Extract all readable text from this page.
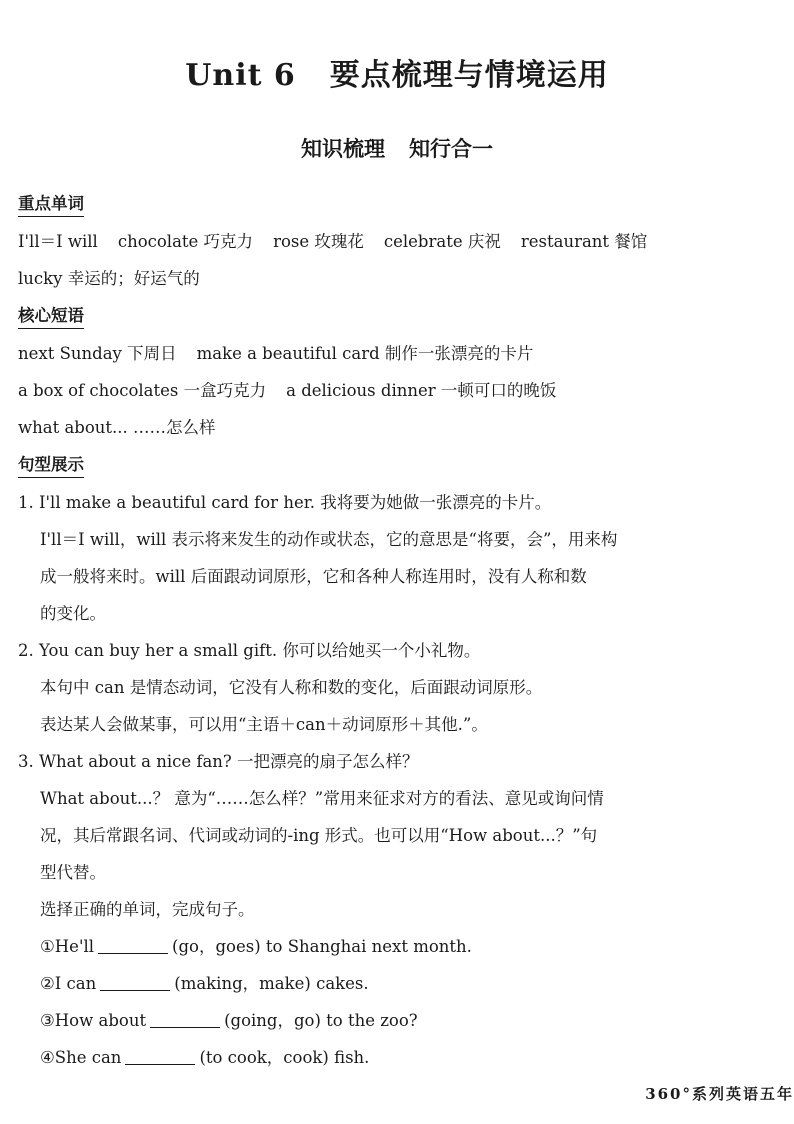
Unit 6 要点梳理与情境运用
知识梳理 知行合一
重点单词
I'll＝I will chocolate 巧克力 rose 玫瑰花 celebrate 庆祝 restaurant 餐馆
lucky 幸运的；好运气的
核心短语
next Sunday 下周日 make a beautiful card 制作一张漂亮的卡片
a box of chocolates 一盒巧克力 a delicious dinner 一顿可口的晚饭
what about... ……怎么样
句型展示
1. I'll make a beautiful card for her. 我将要为她做一张漂亮的卡片。
I'll＝I will，will 表示将来发生的动作或状态，它的意思是“将要，会”，用来构
成一般将来时。will 后面跟动词原形，它和各种人称连用时，没有人称和数
的变化。
2. You can buy her a small gift. 你可以给她买一个小礼物。
本句中 can 是情态动词，它没有人称和数的变化，后面跟动词原形。
表达某人会做某事，可以用“主语＋can＋动词原形＋其他.”。
3. What about a nice fan? 一把漂亮的扇子怎么样？
What about...？ 意为“……怎么样？”常用来征求对方的看法、意见或询问情
况，其后常跟名词、代词或动词的-ing 形式。也可以用“How about...？”句
型代替。
选择正确的单词，完成句子。
①He'll	(go，goes) to Shanghai next month.
②I can	(making，make) cakes.
③How about	(going，go) to the zoo?
④She can	(to cook，cook) fish.
360°系列英语五年
